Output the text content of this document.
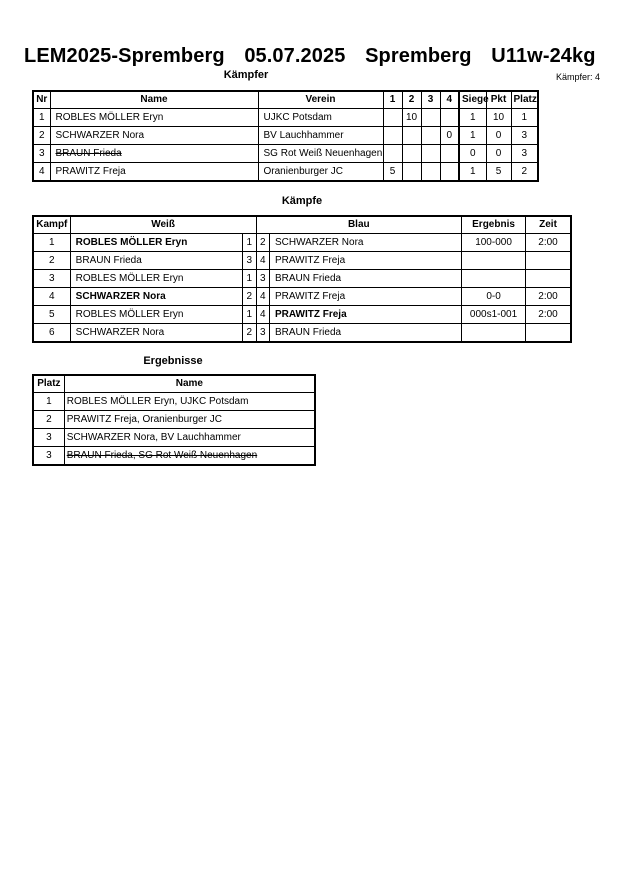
LEM2025-Spremberg 05.07.2025 Spremberg U11w-24kg
Kämpfer	Kämpfer: 4
Nr	Name	Verein	1	2	3	4	Siege	Pkt	Platz
1	ROBLES MÖLLER Eryn	UJKC Potsdam		10			1	10	1
2	SCHWARZER Nora	BV Lauchhammer				0	1	0	3
3	BRAUN Frieda	SG Rot Weiß Neuenhagen					0	0	3
4	PRAWITZ Freja	Oranienburger JC	5				1	5	2
Kämpfe
Kampf	Weiß		Blau		Ergebnis	Zeit
1	ROBLES MÖLLER Eryn	1	2	SCHWARZER Nora	100-000	2:00
2	BRAUN Frieda	3	4	PRAWITZ Freja		
3	ROBLES MÖLLER Eryn	1	3	BRAUN Frieda		
4	SCHWARZER Nora	2	4	PRAWITZ Freja	0-0	2:00
5	ROBLES MÖLLER Eryn	1	4	PRAWITZ Freja	000s1-001	2:00
6	SCHWARZER Nora	2	3	BRAUN Frieda		
Ergebnisse
Platz	Name
1	ROBLES MÖLLER Eryn, UJKC Potsdam
2	PRAWITZ Freja, Oranienburger JC
3	SCHWARZER Nora, BV Lauchhammer
3	BRAUN Frieda, SG Rot Weiß Neuenhagen
